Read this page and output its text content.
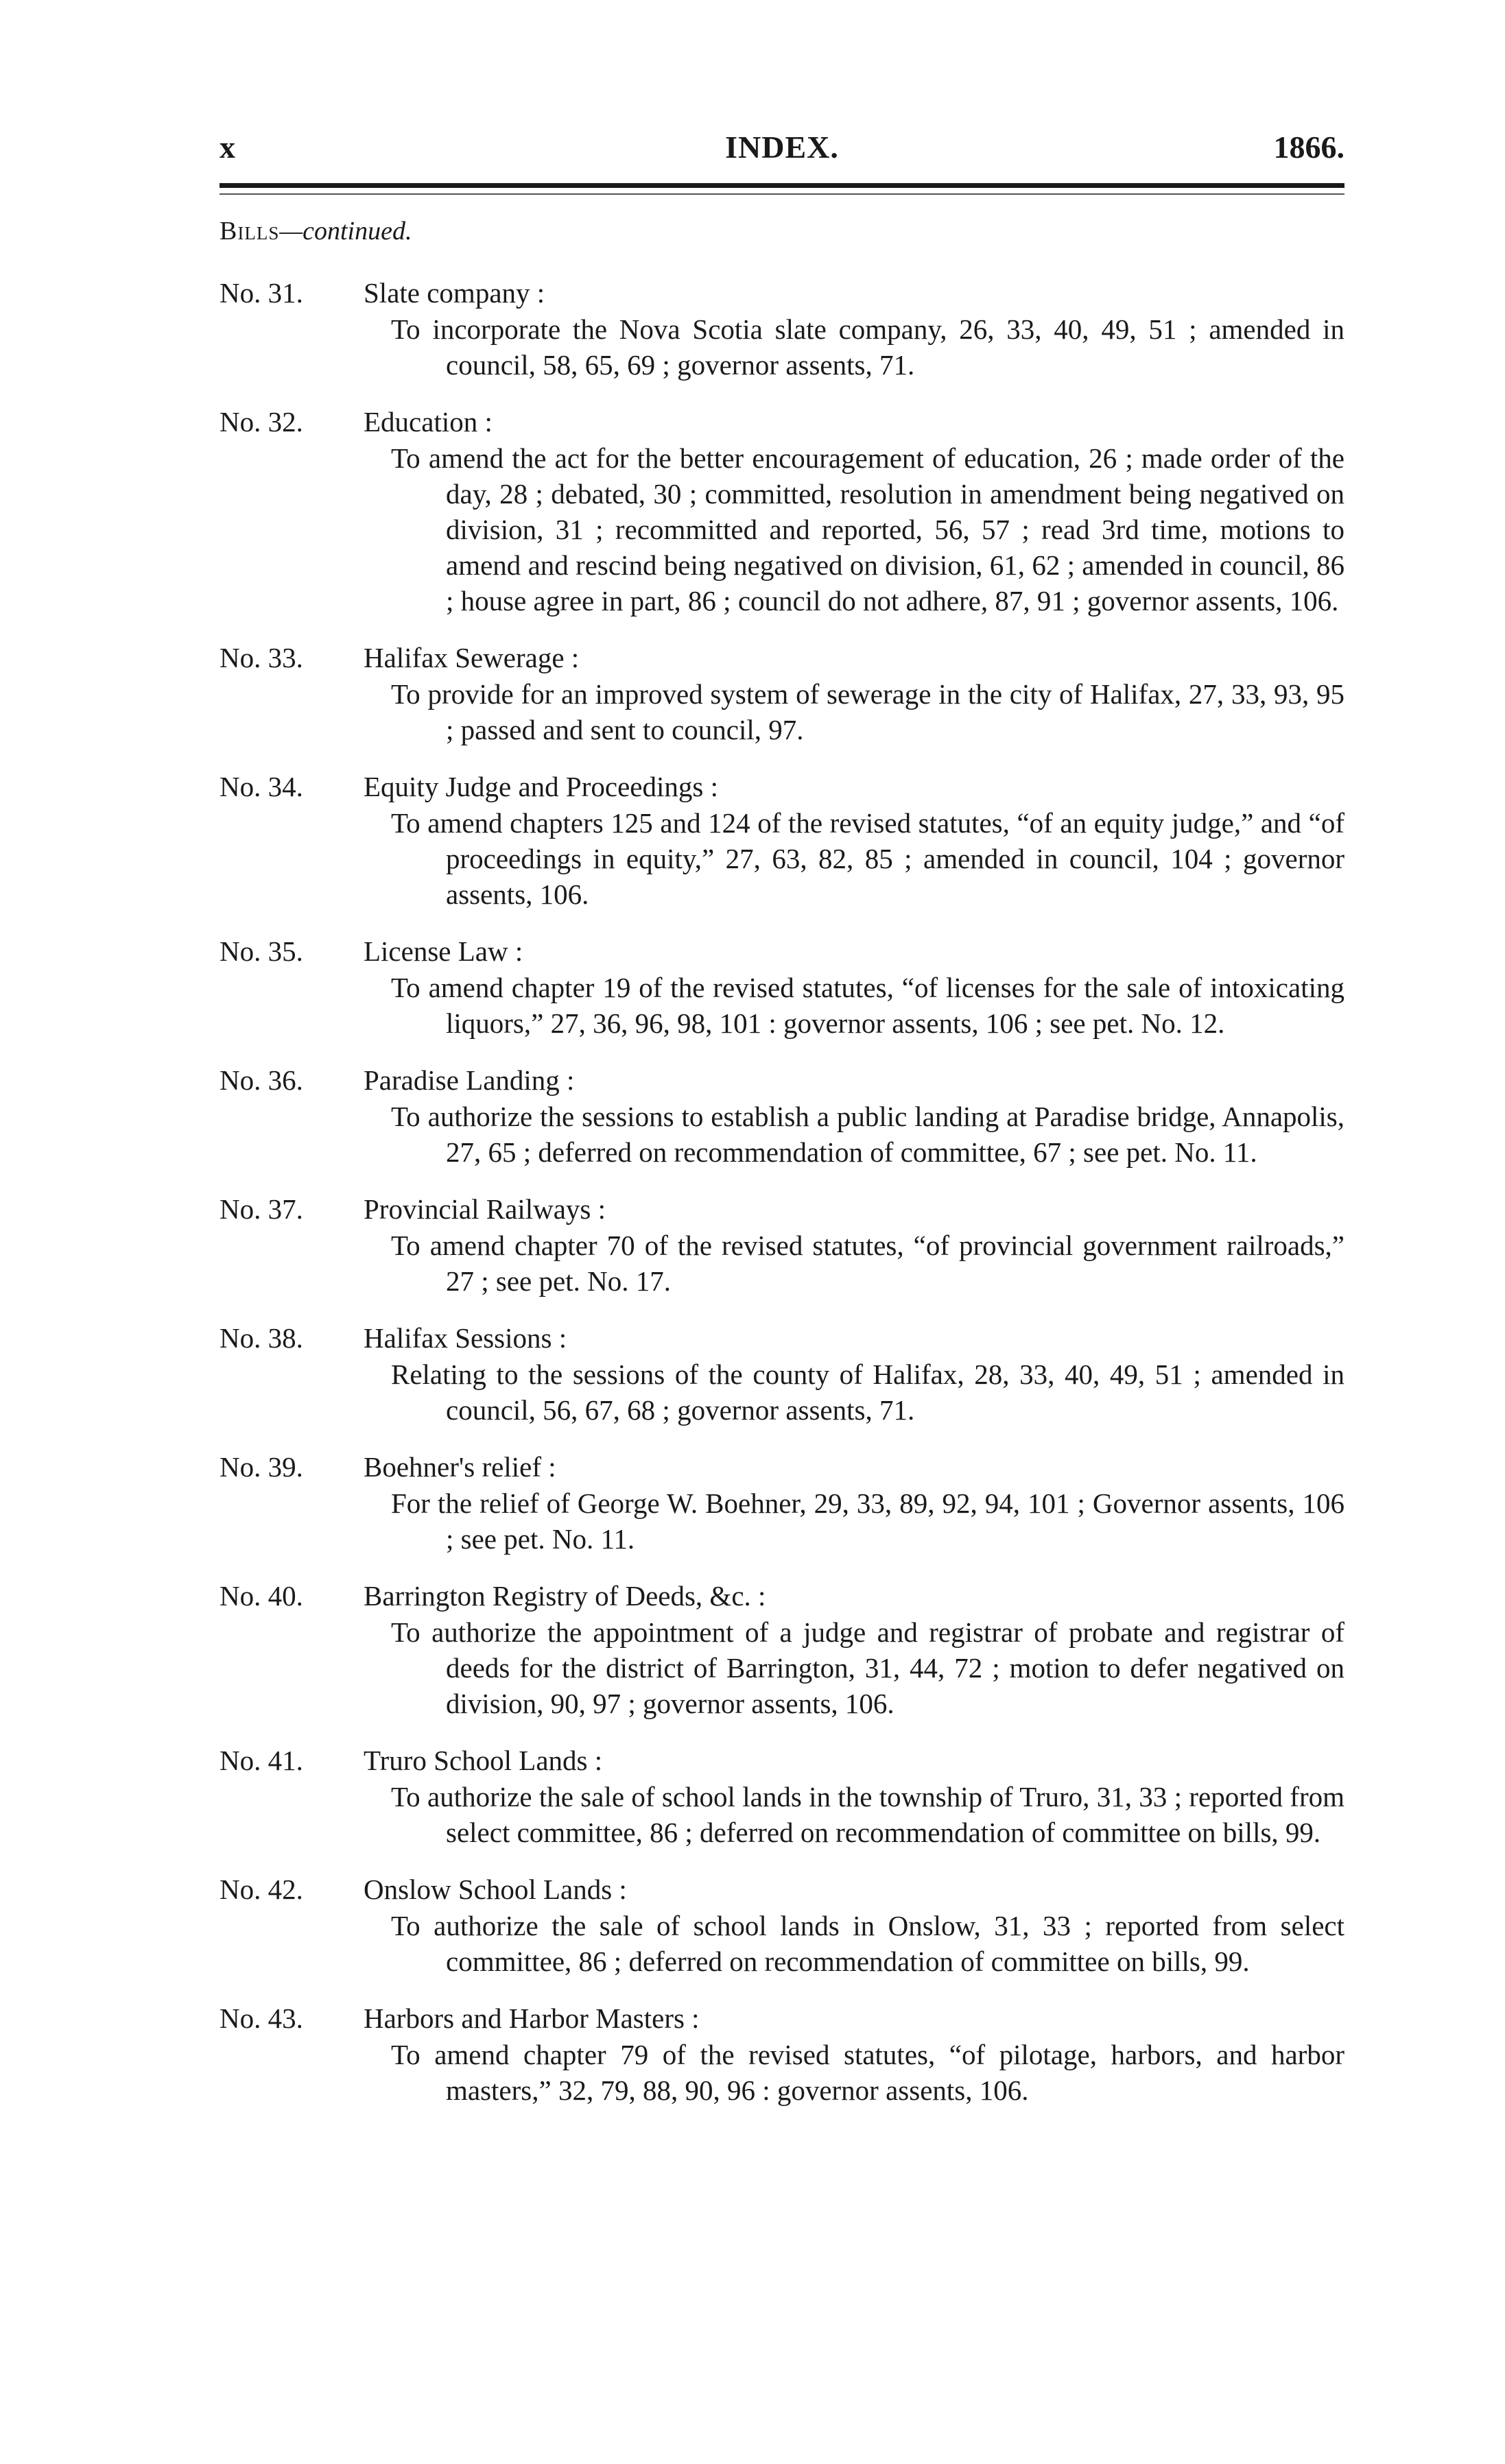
x	INDEX.	1866.
Bills—continued.
No. 31.	Slate company :
To incorporate the Nova Scotia slate company, 26, 33, 40, 49, 51 ; amended in council, 58, 65, 69 ; governor assents, 71.
No. 32.	Education :
To amend the act for the better encouragement of education, 26 ; made order of the day, 28 ; debated, 30 ; committed, resolution in amendment being negatived on division, 31 ; recommitted and reported, 56, 57 ; read 3rd time, motions to amend and rescind being negatived on division, 61, 62 ; amended in council, 86 ; house agree in part, 86 ; council do not adhere, 87, 91 ; governor assents, 106.
No. 33.	Halifax Sewerage :
To provide for an improved system of sewerage in the city of Halifax, 27, 33, 93, 95 ; passed and sent to council, 97.
No. 34.	Equity Judge and Proceedings :
To amend chapters 125 and 124 of the revised statutes, “of an equity judge,” and “of proceedings in equity,” 27, 63, 82, 85 ; amended in council, 104 ; governor assents, 106.
No. 35.	License Law :
To amend chapter 19 of the revised statutes, “of licenses for the sale of intoxicating liquors,” 27, 36, 96, 98, 101 : governor assents, 106 ; see pet. No. 12.
No. 36.	Paradise Landing :
To authorize the sessions to establish a public landing at Paradise bridge, Annapolis, 27, 65 ; deferred on recommendation of committee, 67 ; see pet. No. 11.
No. 37.	Provincial Railways :
To amend chapter 70 of the revised statutes, “of provincial government railroads,” 27 ; see pet. No. 17.
No. 38.	Halifax Sessions :
Relating to the sessions of the county of Halifax, 28, 33, 40, 49, 51 ; amended in council, 56, 67, 68 ; governor assents, 71.
No. 39.	Boehner's relief :
For the relief of George W. Boehner, 29, 33, 89, 92, 94, 101 ; Governor assents, 106 ; see pet. No. 11.
No. 40.	Barrington Registry of Deeds, &c. :
To authorize the appointment of a judge and registrar of probate and registrar of deeds for the district of Barrington, 31, 44, 72 ; motion to defer negatived on division, 90, 97 ; governor assents, 106.
No. 41.	Truro School Lands :
To authorize the sale of school lands in the township of Truro, 31, 33 ; reported from select committee, 86 ; deferred on recommendation of committee on bills, 99.
No. 42.	Onslow School Lands :
To authorize the sale of school lands in Onslow, 31, 33 ; reported from select committee, 86 ; deferred on recommendation of committee on bills, 99.
No. 43.	Harbors and Harbor Masters :
To amend chapter 79 of the revised statutes, “of pilotage, harbors, and harbor masters,” 32, 79, 88, 90, 96 : governor assents, 106.
